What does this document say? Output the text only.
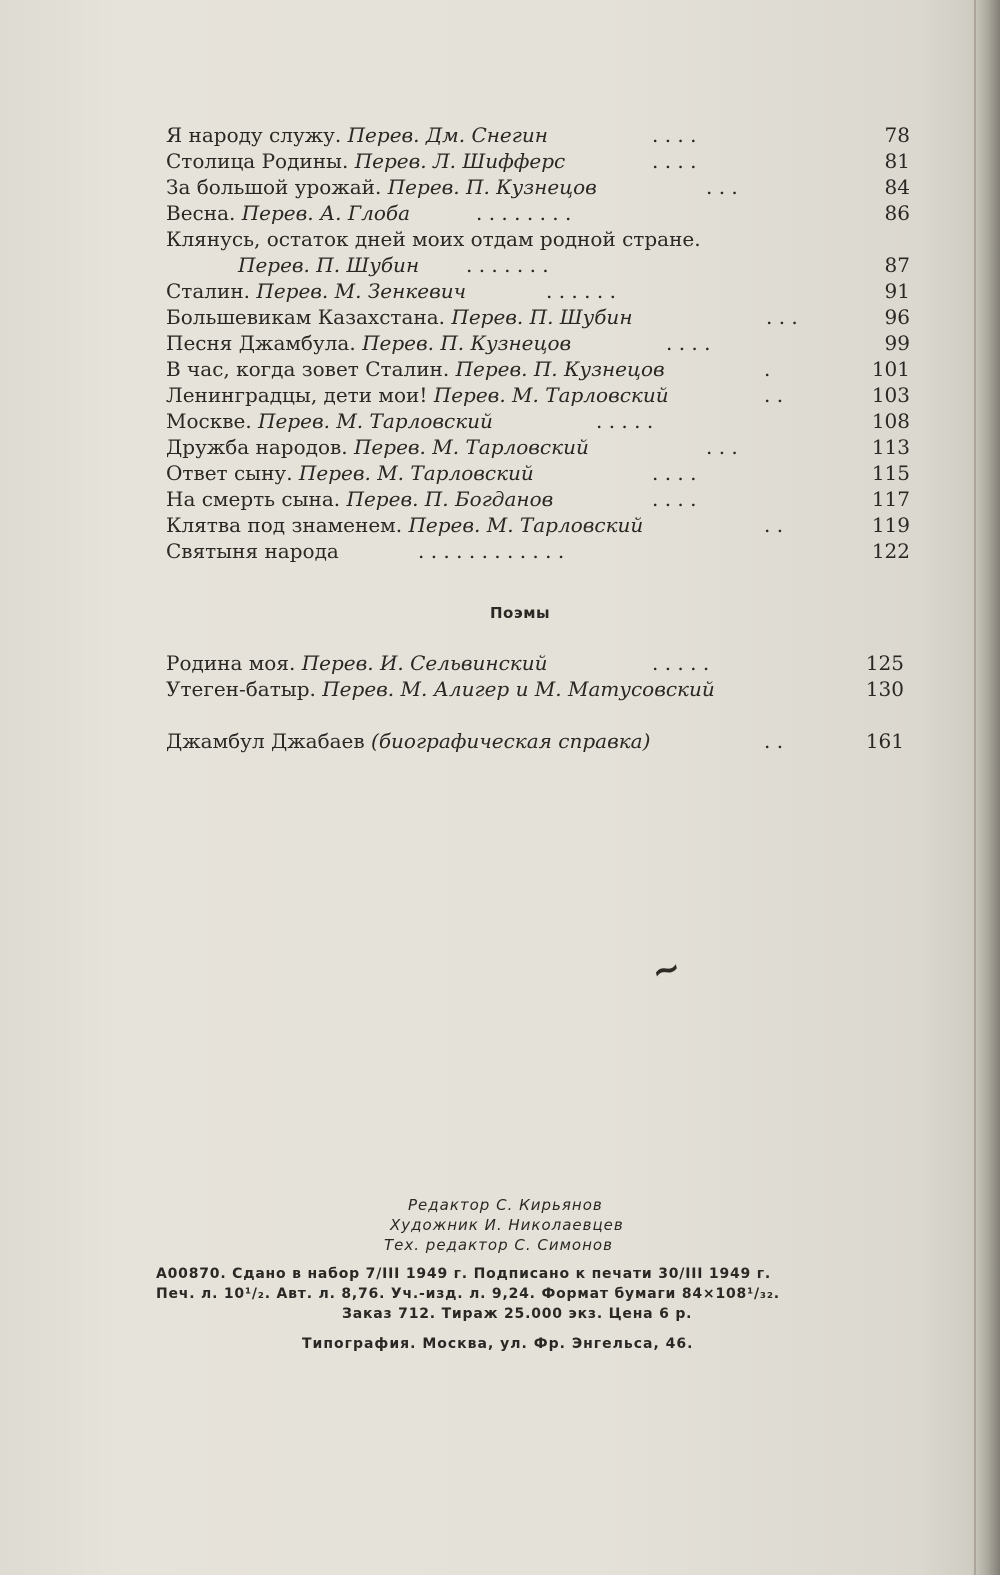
Я народу служу. Перев. Дм. Снегин	. . . .	78
Столица Родины. Перев. Л. Шифферс	. . . .	81
За большой урожай. Перев. П. Кузнецов	. . .	84
Весна. Перев. А. Глоба	. . . . . . . .	86
Клянусь, остаток дней моих отдам родной стране.
Перев. П. Шубин . . . . . . .	87
Сталин. Перев. М. Зенкевич	. . . . . .	91
Большевикам Казахстана. Перев. П. Шубин	. . .	96
Песня Джамбула. Перев. П. Кузнецов	. . . .	99
В час, когда зовет Сталин. Перев. П. Кузнецов	.	101
Ленинградцы, дети мои! Перев. М. Тарловский	. .	103
Москве. Перев. М. Тарловский	. . . . .	108
Дружба народов. Перев. М. Тарловский	. . .	113
Ответ сыну. Перев. М. Тарловский	. . . .	115
На смерть сына. Перев. П. Богданов	. . . .	117
Клятва под знаменем. Перев. М. Тарловский	. .	119
Святыня народа	. . . . . . . . . . . .	122
Поэмы
Родина моя. Перев. И. Сельвинский	. . . . .	125
Утеген-батыр. Перев. М. Алигер и М. Матусовский	130
Джамбул Джабаев (биографическая справка)	. .	161
~
Редактор С. Кирьянов
Художник И. Николаевцев
Тех. редактор С. Симонов
А00870. Сдано в набор 7/III 1949 г. Подписано к печати 30/III 1949 г.
Печ. л. 10¹/₂. Авт. л. 8,76. Уч.-изд. л. 9,24. Формат бумаги 84×108¹/₃₂.
Заказ 712. Тираж 25.000 экз. Цена 6 р.
Типография. Москва, ул. Фр. Энгельса, 46.
